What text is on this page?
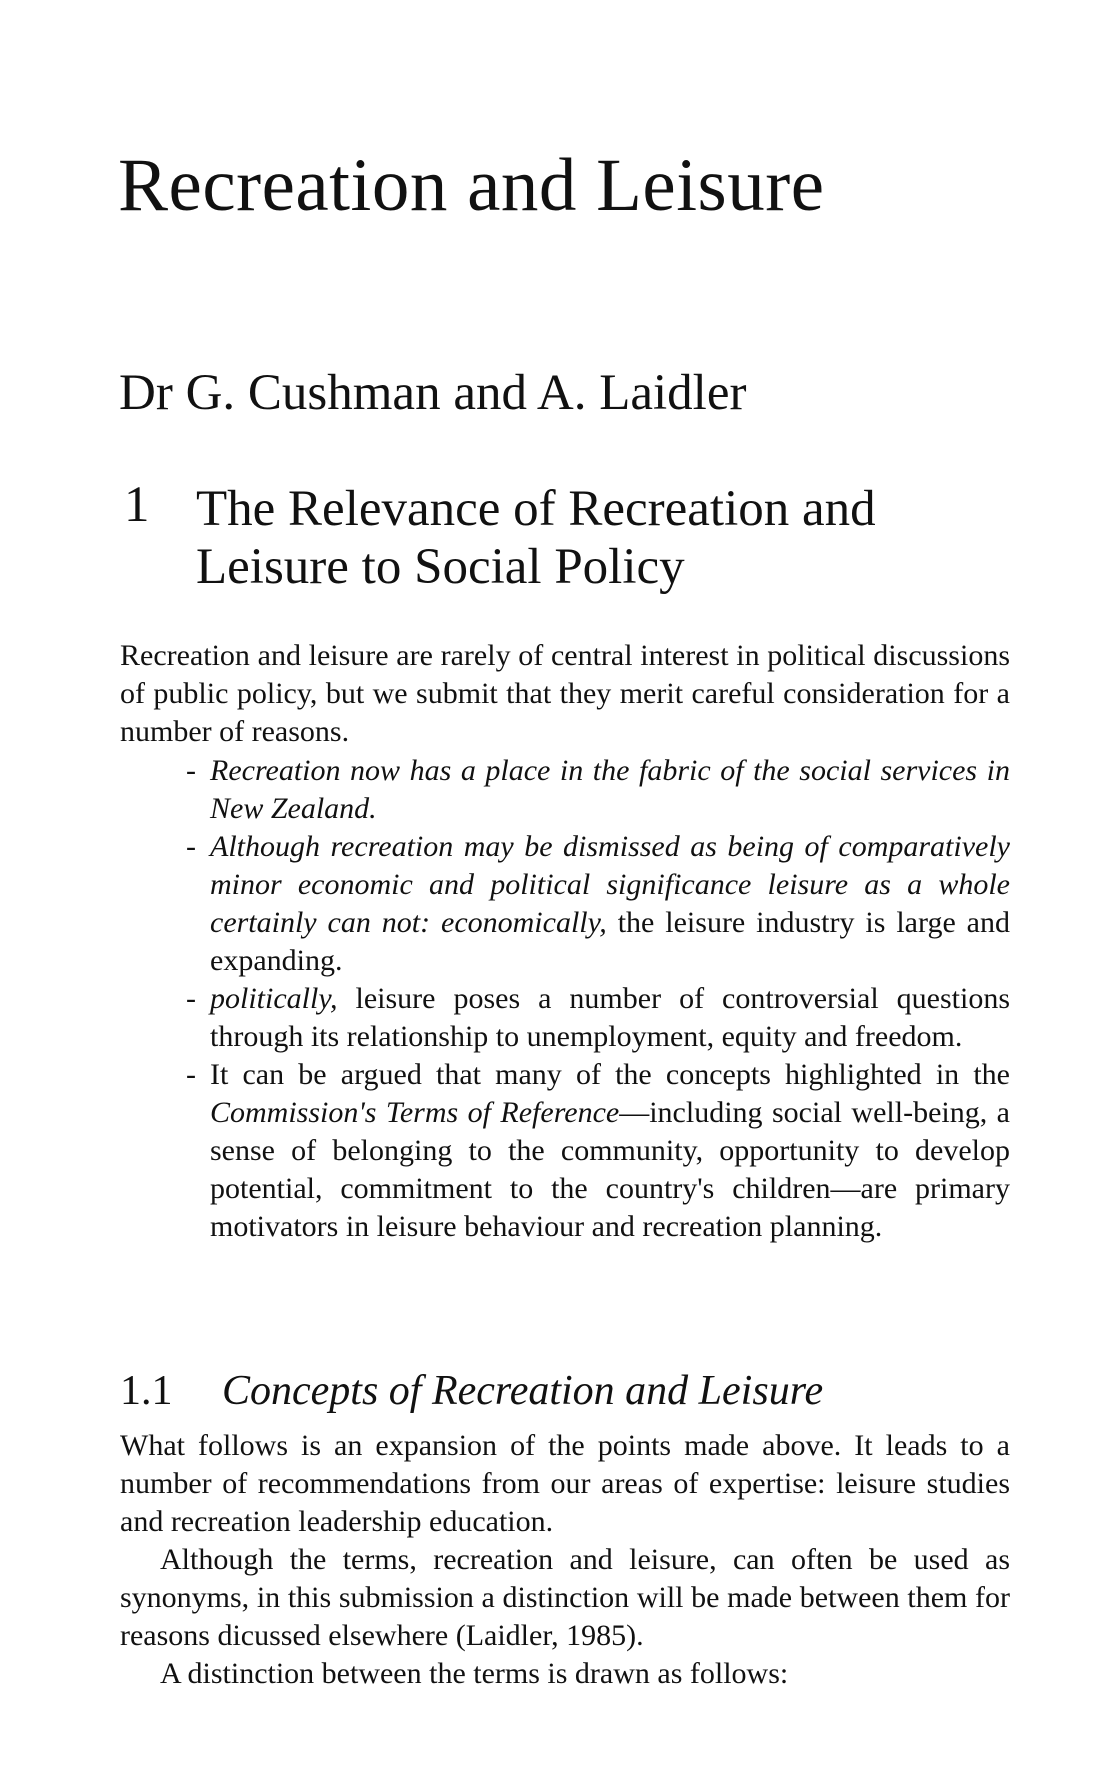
Recreation and Leisure
Dr G. Cushman and A. Laidler
1 The Relevance of Recreation and Leisure to Social Policy

Recreation and leisure are rarely of central interest in political discussions of public policy, but we submit that they merit careful consideration for a number of reasons.

- Recreation now has a place in the fabric of the social services in New Zealand.
- Although recreation may be dismissed as being of comparatively minor economic and political significance leisure as a whole certainly can not: economically, the leisure industry is large and expanding.
- politically, leisure poses a number of controversial questions through its relationship to unemployment, equity and freedom.
- It can be argued that many of the concepts highlighted in the Commission's Terms of Reference—including social well-being, a sense of belonging to the community, opportunity to develop potential, commitment to the country's children—are primary motivators in leisure behaviour and recreation planning.
1.1 Concepts of Recreation and Leisure

What follows is an expansion of the points made above. It leads to a number of recommendations from our areas of expertise: leisure studies and recreation leadership education.

Although the terms, recreation and leisure, can often be used as synonyms, in this submission a distinction will be made between them for reasons dicussed elsewhere (Laidler, 1985).

A distinction between the terms is drawn as follows:
